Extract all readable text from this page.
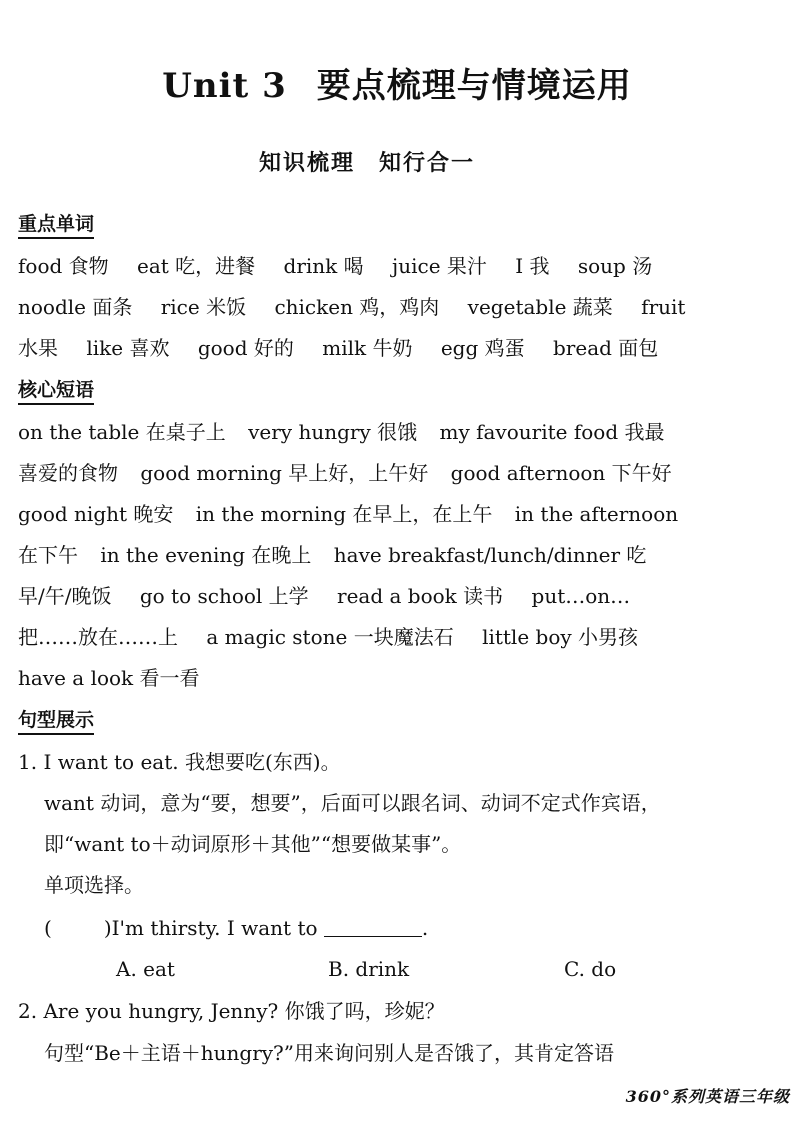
Unit 3 要点梳理与情境运用
知识梳理 知行合一
重点单词
food 食物 eat 吃，进餐 drink 喝 juice 果汁 I 我 soup 汤
noodle 面条 rice 米饭 chicken 鸡，鸡肉 vegetable 蔬菜 fruit
水果 like 喜欢 good 好的 milk 牛奶 egg 鸡蛋 bread 面包
核心短语
on the table 在桌子上 very hungry 很饿 my favourite food 我最
喜爱的食物 good morning 早上好，上午好 good afternoon 下午好
good night 晚安 in the morning 在早上，在上午 in the afternoon
在下午 in the evening 在晚上 have breakfast/lunch/dinner 吃
早/午/晚饭 go to school 上学 read a book 读书 put…on…
把……放在……上 a magic stone 一块魔法石 little boy 小男孩
have a look 看一看
句型展示
1. I want to eat. 我想要吃(东西)。
want 动词，意为“要，想要”，后面可以跟名词、动词不定式作宾语，
即“want to＋动词原形＋其他”“想要做某事”。
单项选择。
(	)I'm thirsty. I want to	.
A. eat	B. drink	C. do
2. Are you hungry, Jenny? 你饿了吗，珍妮？
句型“Be＋主语＋hungry?”用来询问别人是否饿了，其肯定答语
360°系列英语三年级
